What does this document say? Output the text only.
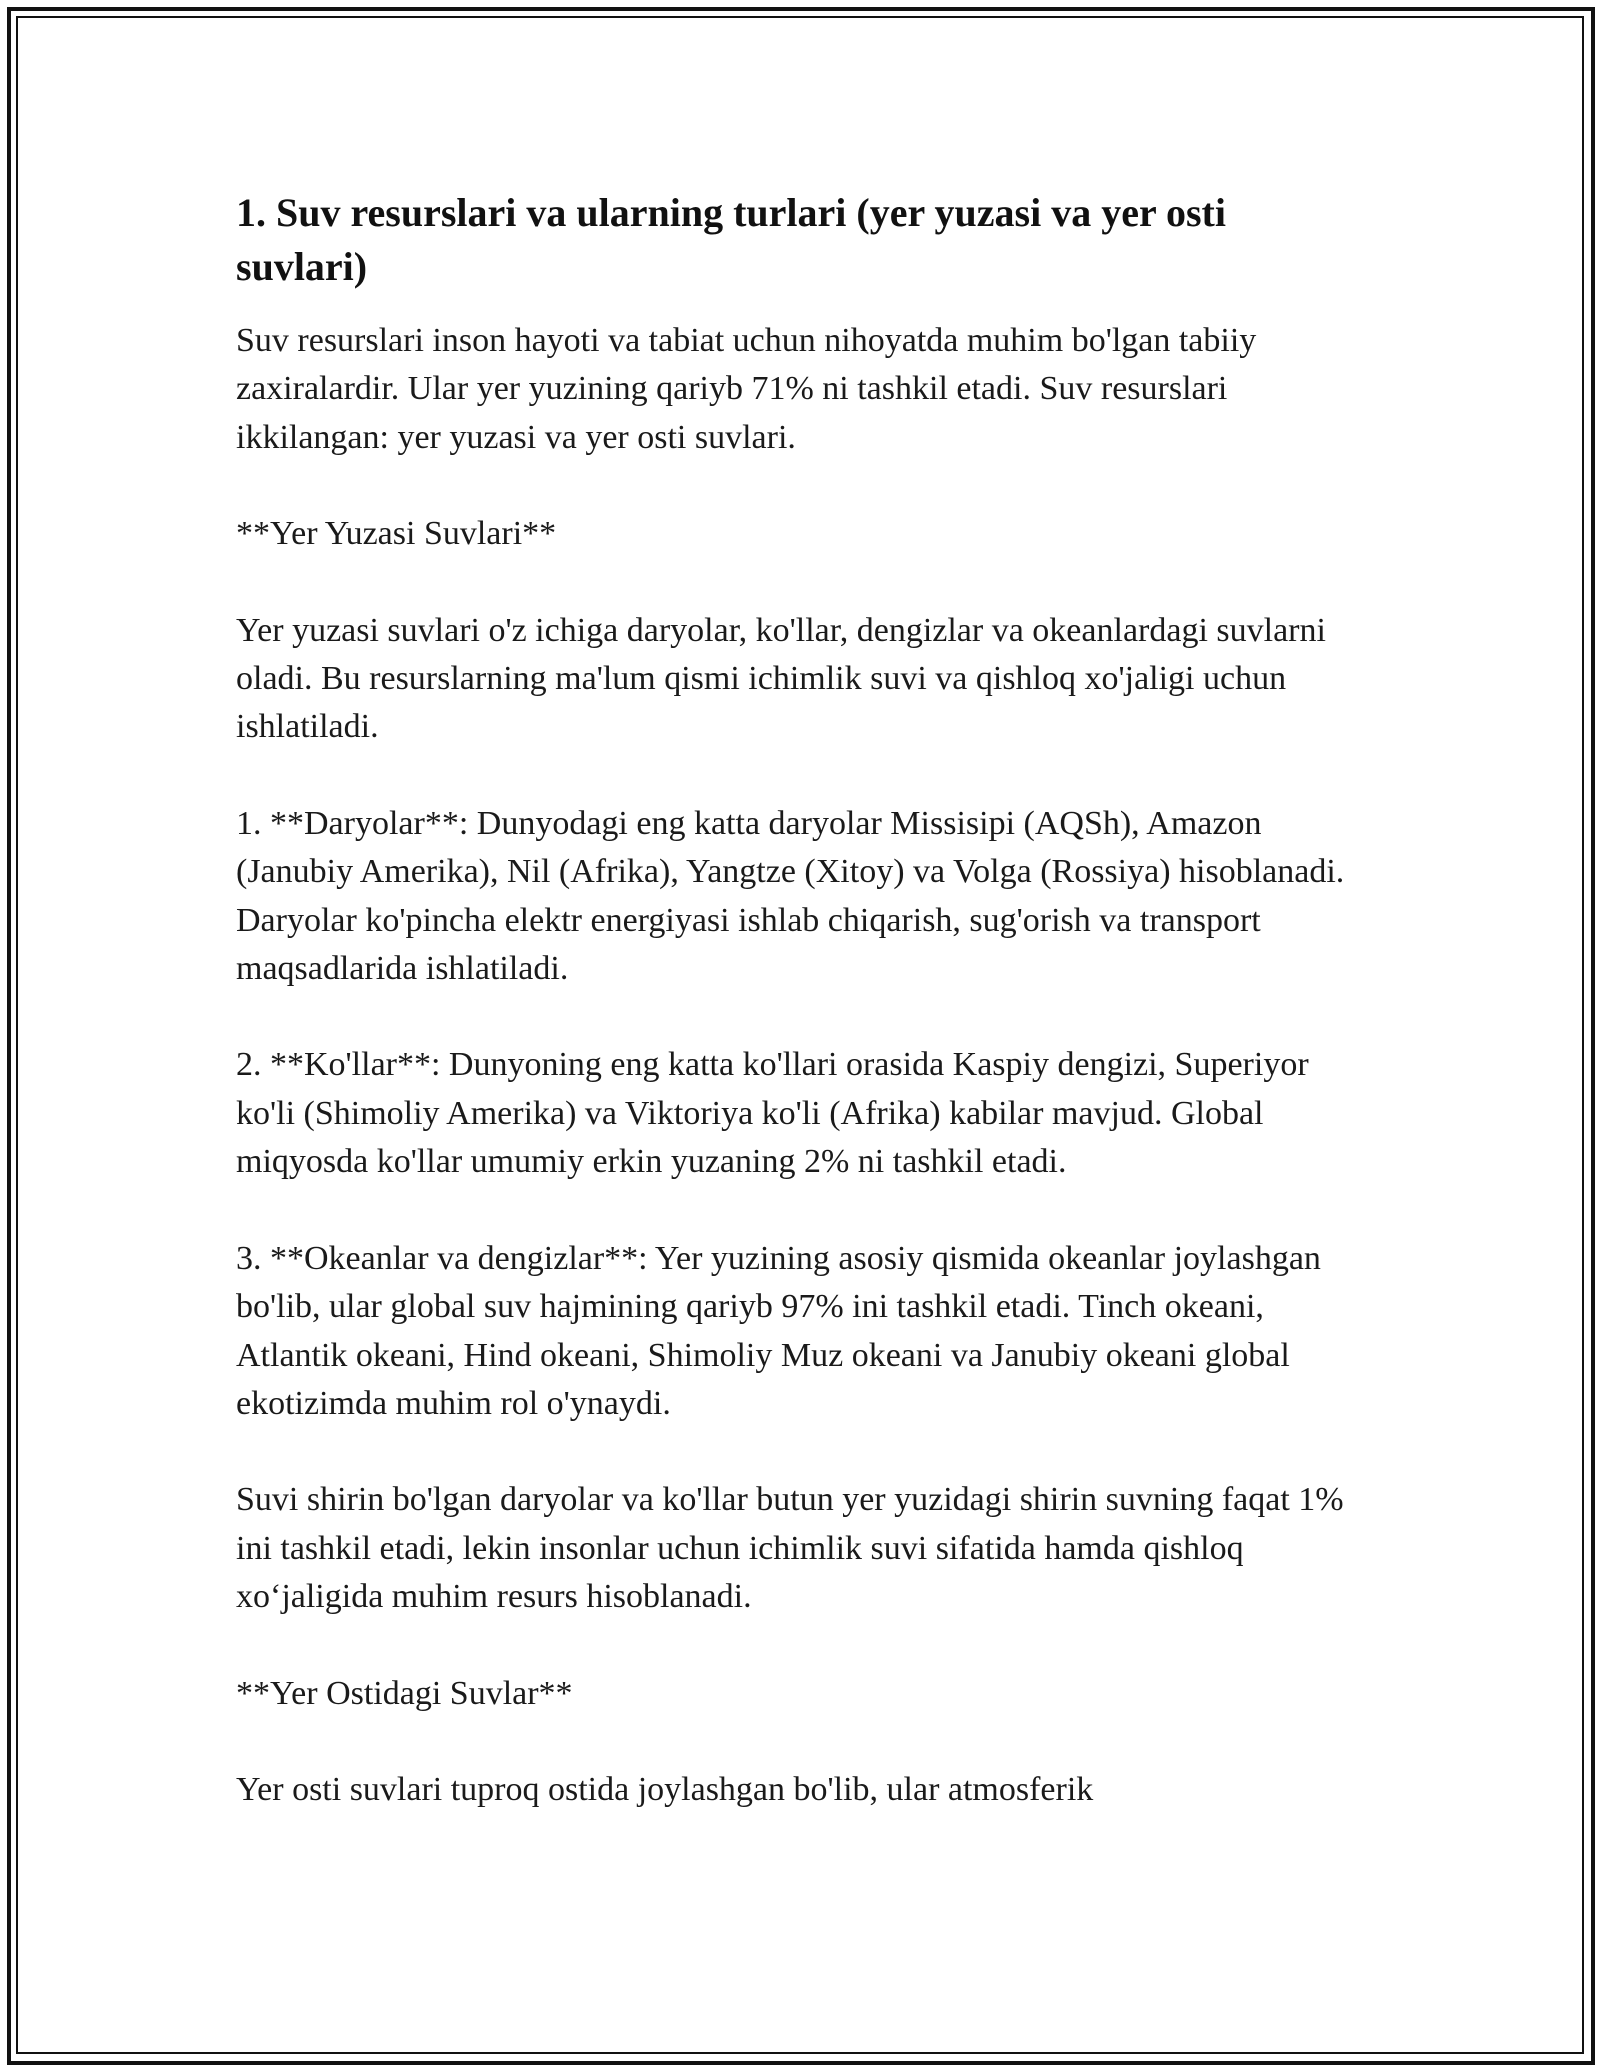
1. Suv resurslari va ularning turlari (yer yuzasi va yer osti suvlari)

Suv resurslari inson hayoti va tabiat uchun nihoyatda muhim bo'lgan tabiiy zaxiralardir. Ular yer yuzining qariyb 71% ni tashkil etadi. Suv resurslari ikkilangan: yer yuzasi va yer osti suvlari.

**Yer Yuzasi Suvlari**

Yer yuzasi suvlari o'z ichiga daryolar, ko'llar, dengizlar va okeanlardagi suvlarni oladi. Bu resurslarning ma'lum qismi ichimlik suvi va qishloq xo'jaligi uchun ishlatiladi.

1. **Daryolar**: Dunyodagi eng katta daryolar Missisipi (AQSh), Amazon (Janubiy Amerika), Nil (Afrika), Yangtze (Xitoy) va Volga (Rossiya) hisoblanadi. Daryolar ko'pincha elektr energiyasi ishlab chiqarish, sug'orish va transport maqsadlarida ishlatiladi.

2. **Ko'llar**: Dunyoning eng katta ko'llari orasida Kaspiy dengizi, Superiyor ko'li (Shimoliy Amerika) va Viktoriya ko'li (Afrika) kabilar mavjud. Global miqyosda ko'llar umumiy erkin yuzaning 2% ni tashkil etadi.

3. **Okeanlar va dengizlar**: Yer yuzining asosiy qismida okeanlar joylashgan bo'lib, ular global suv hajmining qariyb 97% ini tashkil etadi. Tinch okeani, Atlantik okeani, Hind okeani, Shimoliy Muz okeani va Janubiy okeani global ekotizimda muhim rol o'ynaydi.

Suvi shirin bo'lgan daryolar va ko'llar butun yer yuzidagi shirin suvning faqat 1% ini tashkil etadi, lekin insonlar uchun ichimlik suvi sifatida hamda qishloq xo‘jaligida muhim resurs hisoblanadi.

**Yer Ostidagi Suvlar**

Yer osti suvlari tuproq ostida joylashgan bo'lib, ular atmosferik
